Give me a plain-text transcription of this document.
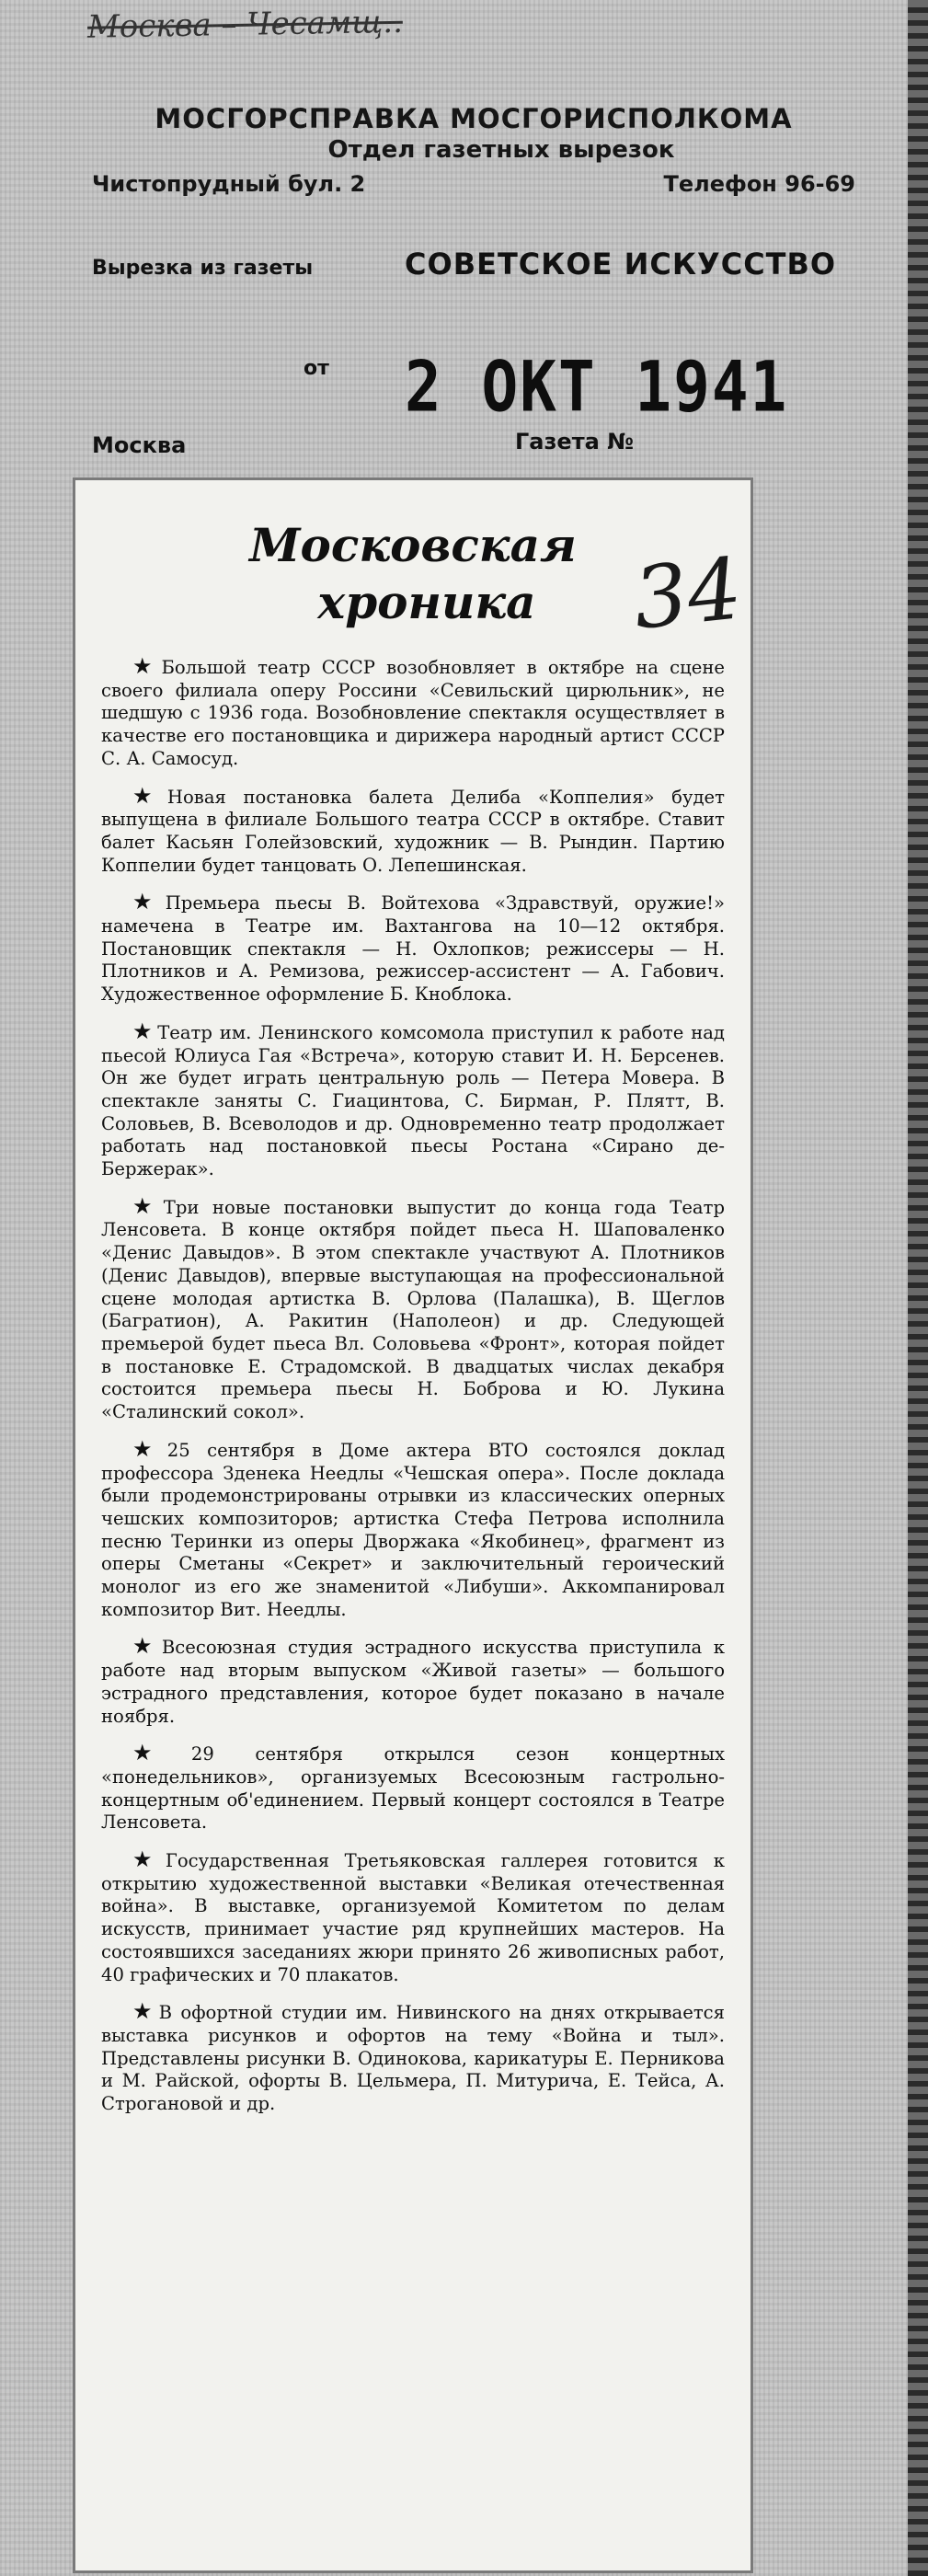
Москва – Чесамщ..
МОСГОРСПРАВКА МОСГОРИСПОЛКОМА
Отдел газетных вырезок
Чистопрудный бул. 2	Телефон 96-69
Вырезка из газеты	СОВЕТСКОЕ ИСКУССТВО
от 2 ОКТ 1941
Москва	Газета №
Московская
хроника	34
★ Большой театр СССР возобновляет в октябре на сцене своего филиала оперу Россини «Севильский цирюльник», не шедшую с 1936 года. Возобновление спектакля осуществляет в качестве его постановщика и дирижера народный артист СССР С. А. Самосуд.
★ Новая постановка балета Делиба «Коппелия» будет выпущена в филиале Большого театра СССР в октябре. Ставит балет Касьян Голейзовский, художник — В. Рындин. Партию Коппелии будет танцовать О. Лепешинская.
★ Премьера пьесы В. Войтехова «Здравствуй, оружие!» намечена в Театре им. Вахтангова на 10—12 октября. Постановщик спектакля — Н. Охлопков; режиссеры — Н. Плотников и А. Ремизова, режиссер-ассистент — А. Габович. Художественное оформление Б. Кноблока.
★ Театр им. Ленинского комсомола приступил к работе над пьесой Юлиуса Гая «Встреча», которую ставит И. Н. Берсенев. Он же будет играть центральную роль — Петера Мовера. В спектакле заняты С. Гиацинтова, С. Бирман, Р. Плятт, В. Соловьев, В. Всеволодов и др. Одновременно театр продолжает работать над постановкой пьесы Ростана «Сирано де-Бержерак».
★ Три новые постановки выпустит до конца года Театр Ленсовета. В конце октября пойдет пьеса Н. Шаповаленко «Денис Давыдов». В этом спектакле участвуют А. Плотников (Денис Давыдов), впервые выступающая на профессиональной сцене молодая артистка В. Орлова (Палашка), В. Щеглов (Багратион), А. Ракитин (Наполеон) и др. Следующей премьерой будет пьеса Вл. Соловьева «Фронт», которая пойдет в постановке Е. Страдомской. В двадцатых числах декабря состоится премьера пьесы Н. Боброва и Ю. Лукина «Сталинский сокол».
★ 25 сентября в Доме актера ВТО состоялся доклад профессора Зденека Неедлы «Чешская опера». После доклада были продемонстрированы отрывки из классических оперных чешских композиторов; артистка Стефа Петрова исполнила песню Теринки из оперы Дворжака «Якобинец», фрагмент из оперы Сметаны «Секрет» и заключительный героический монолог из его же знаменитой «Либуши». Аккомпанировал композитор Вит. Неедлы.
★ Всесоюзная студия эстрадного искусства приступила к работе над вторым выпуском «Живой газеты» — большого эстрадного представления, которое будет показано в начале ноября.
★ 29 сентября открылся сезон концертных «понедельников», организуемых Всесоюзным гастрольно-концертным об'единением. Первый концерт состоялся в Театре Ленсовета.
★ Государственная Третьяковская галлерея готовится к открытию художественной выставки «Великая отечественная война». В выставке, организуемой Комитетом по делам искусств, принимает участие ряд крупнейших мастеров. На состоявшихся заседаниях жюри принято 26 живописных работ, 40 графических и 70 плакатов.
★ В офортной студии им. Нивинского на днях открывается выставка рисунков и офортов на тему «Война и тыл». Представлены рисунки В. Одинокова, карикатуры Е. Перникова и М. Райской, офорты В. Цельмера, П. Митурича, Е. Тейса, А. Строгановой и др.
